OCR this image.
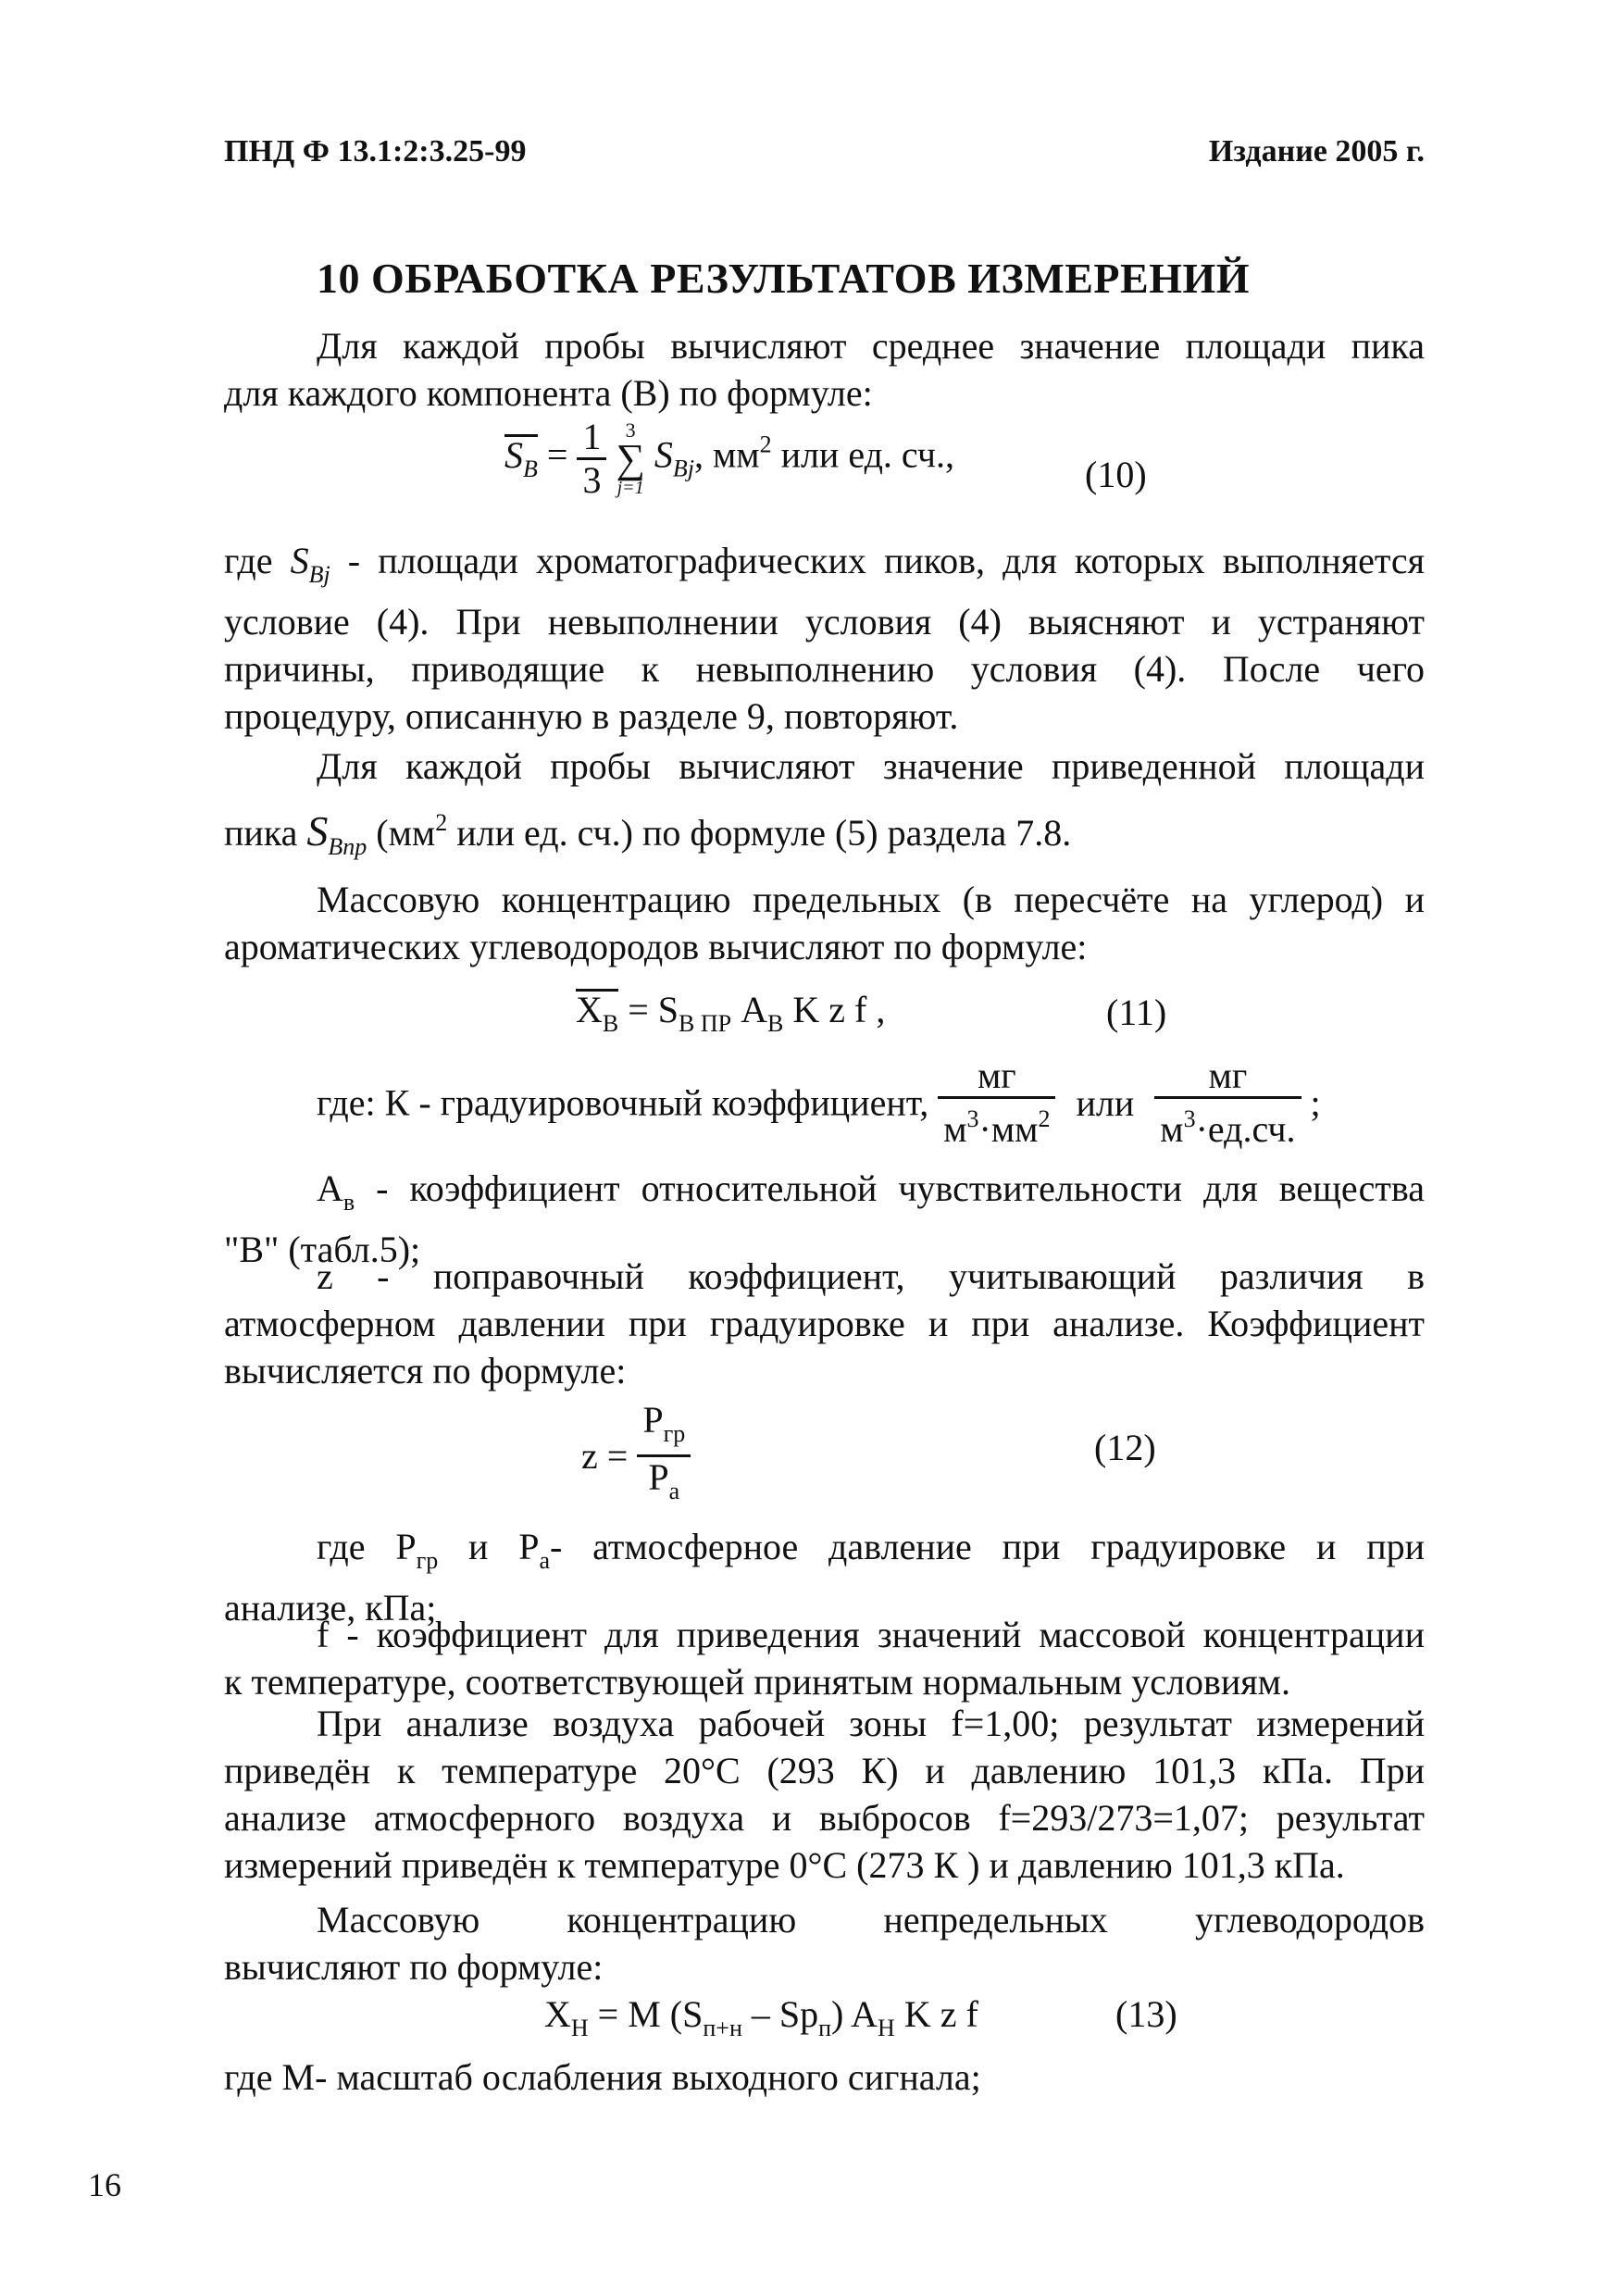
ПНД Ф 13.1:2:3.25-99	Издание 2005 г.
10 ОБРАБОТКА РЕЗУЛЬТАТОВ ИЗМЕРЕНИЙ
Для каждой пробы вычисляют среднее значение площади пика
для каждого компонента (В) по формуле:
$S_B = \frac{1}{3}$
3
∑
j=1
$S_{Bj}$, $мм^2$ или ед. сч.,	(10)
где $S_{Bj}$ - площади хроматографических пиков, для которых выполняется
условие (4). При невыполнении условия (4) выясняют и устраняют
причины, приводящие к невыполнению условия (4). После чего
процедуру, описанную в разделе 9, повторяют.
Для каждой пробы вычисляют значение приведенной площади
пика $S_{Bпр}$ ($мм^2$ или ед. сч.) по формуле (5) раздела 7.8.
Массовую концентрацию предельных (в пересчёте на углерод) и
ароматических углеводородов вычисляют по формуле:
$X_В = S_{В ПР}$ $A_В$ K z f ,	(11)
где: К - градуировочный коэффициент, $\frac{мг}{м^3\cdot мм^2}$ или $\frac{мг}{м^3\cdot ед.сч.}$ ;
$A_в$ - коэффициент относительной чувствительности для вещества
"В" (табл.5);
z - поправочный коэффициент, учитывающий различия в
атмосферном давлении при градуировке и при анализе. Коэффициент
вычисляется по формуле:
$z = \frac{P_{гр}}{P_а}$	(12)
где $P_{гр}$ и $P_а-$ атмосферное давление при градуировке и при
анализе, кПа;
f - коэффициент для приведения значений массовой концентрации
к температуре, соответствующей принятым нормальным условиям.
При анализе воздуха рабочей зоны f=1,00; результат измерений
приведён к температуре 20°С (293 К) и давлению 101,3 кПа. При
анализе атмосферного воздуха и выбросов f=293/273=1,07; результат
измерений приведён к температуре 0°С (273 К ) и давлению 101,3 кПа.
Массовую концентрацию непредельных углеводородов
вычисляют по формуле:
$X_Н = M$ $(S_{п+н} - Sp_п)$ $A_Н$ K z f	(13)
где М- масштаб ослабления выходного сигнала;
16
